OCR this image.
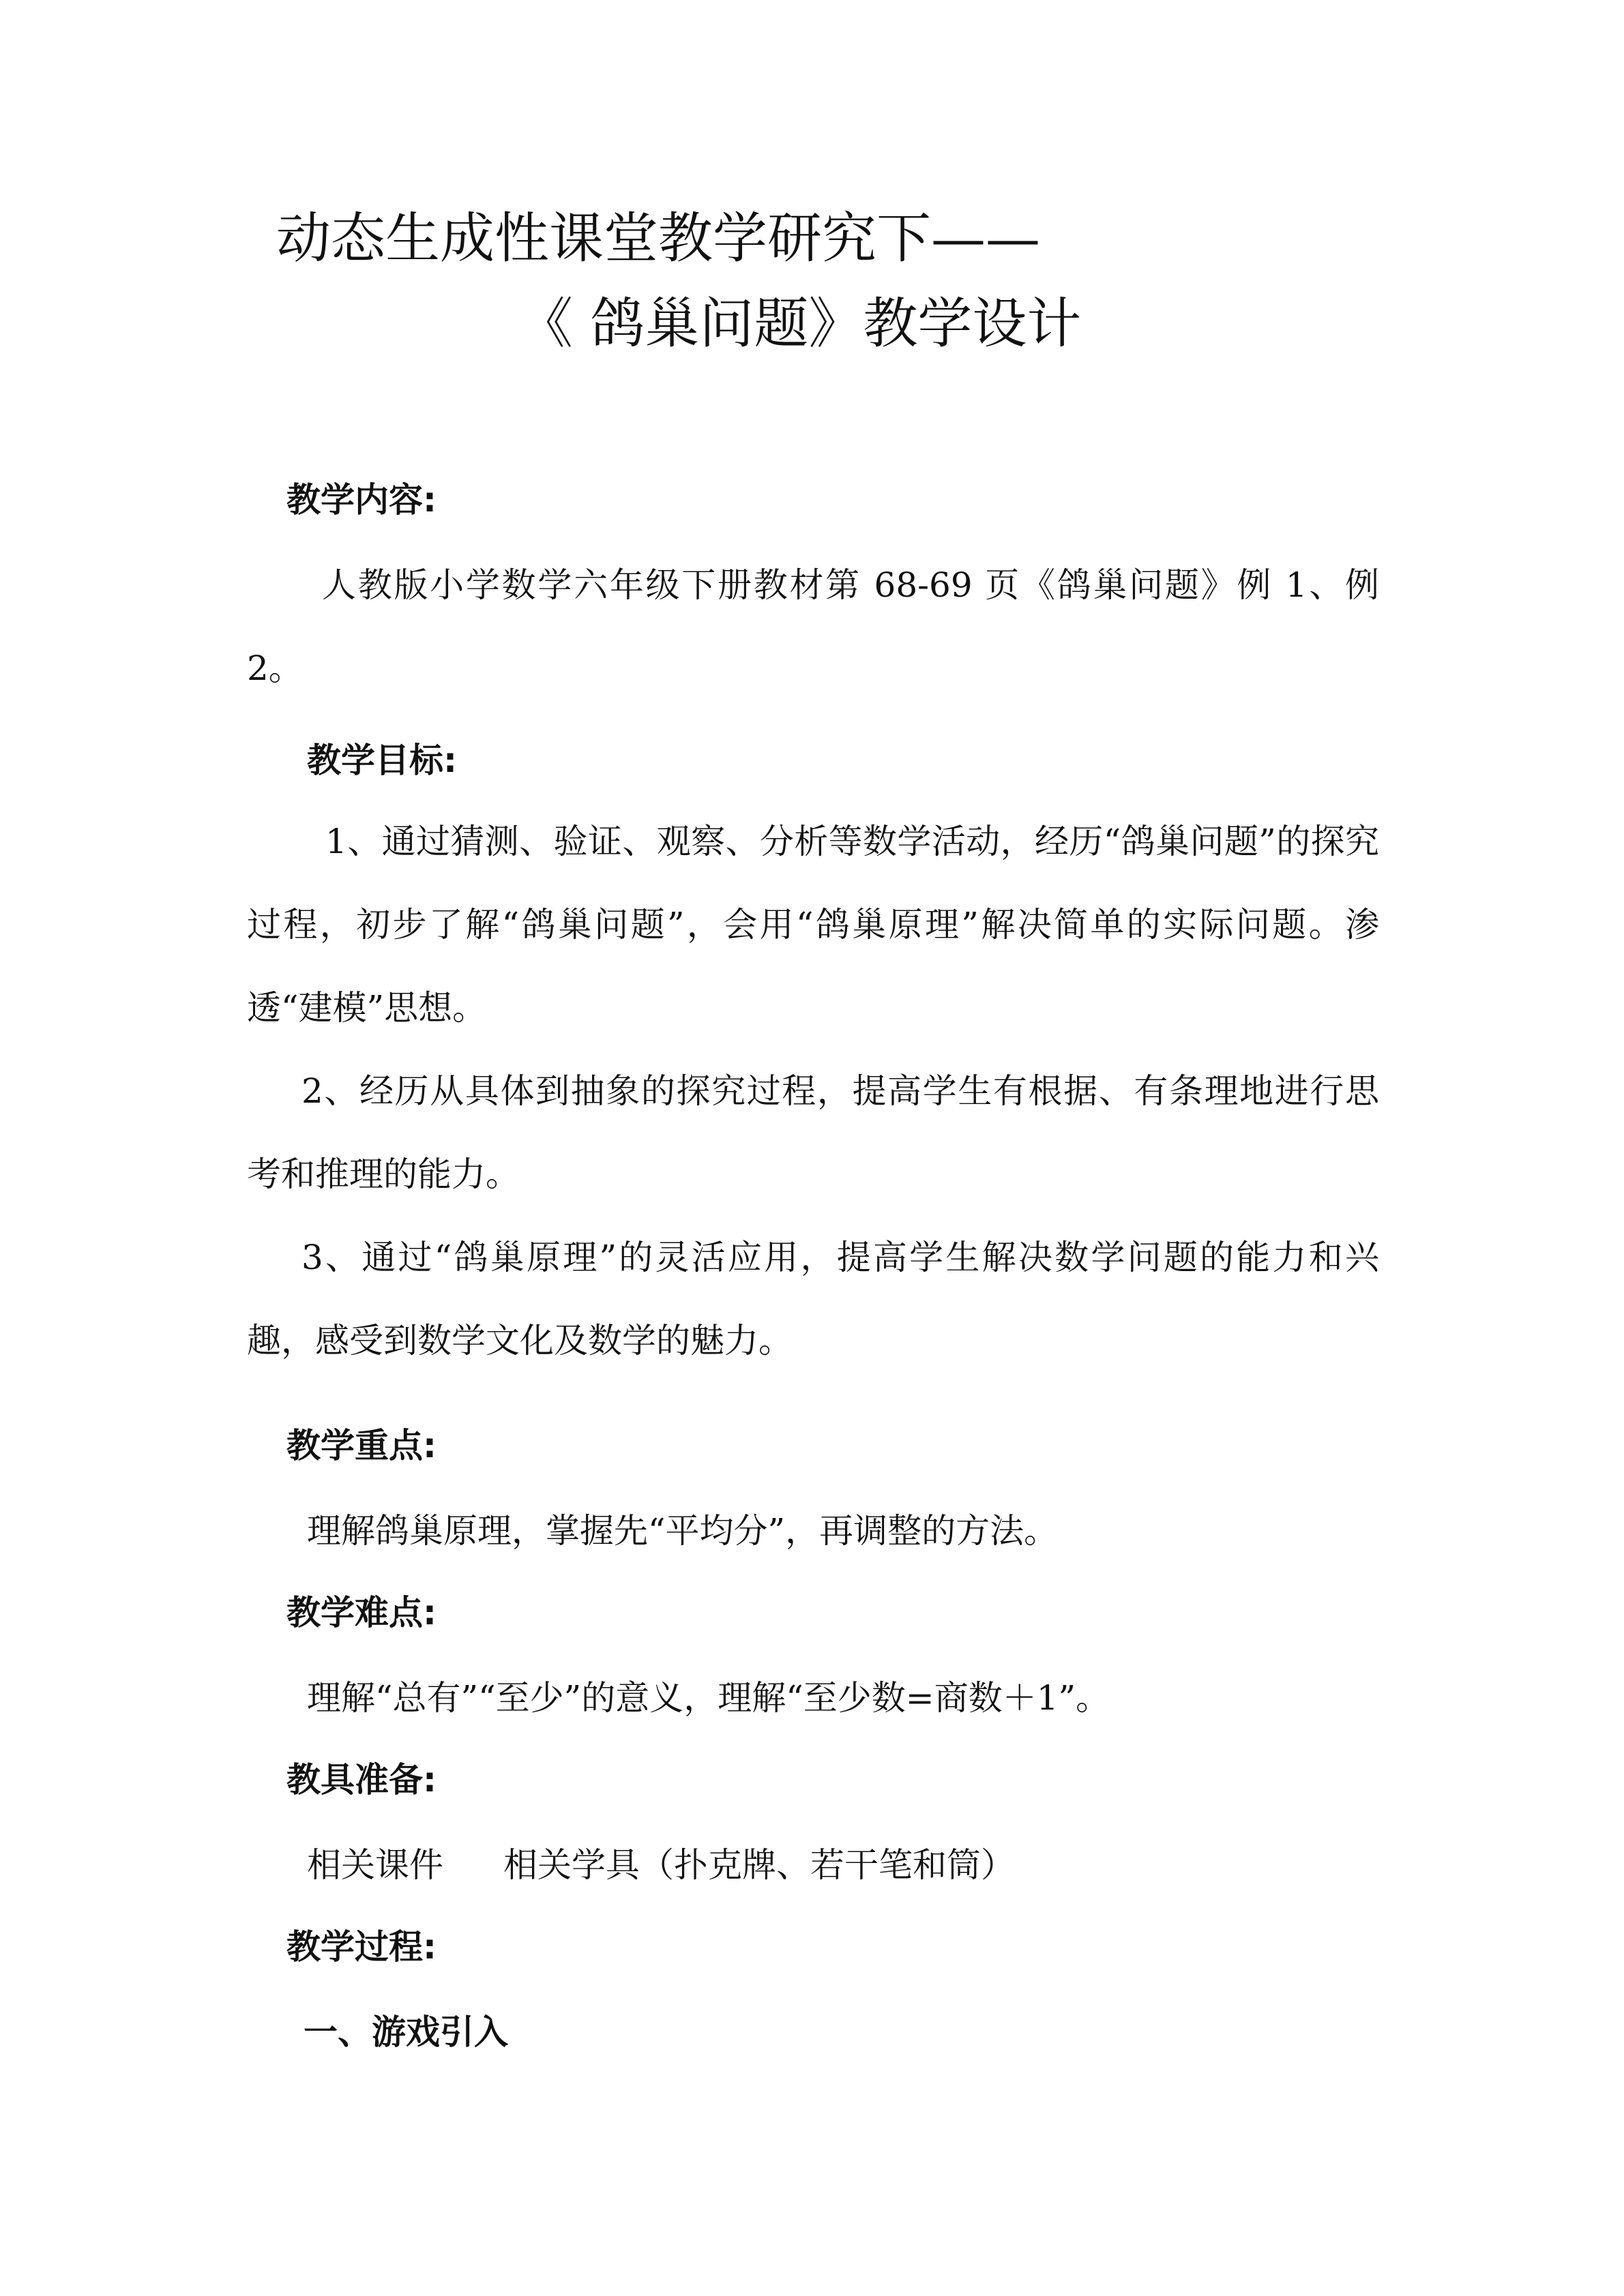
动态生成性课堂教学研究下——
《 鸽巢问题》教学设计
教学内容:
人教版小学数学六年级下册教材第 68-69 页《鸽巢问题》例 1、例 2。
教学目标:
1、通过猜测、验证、观察、分析等数学活动，经历“鸽巢问题”的探究过程，初步了解“鸽巢问题”，会用“鸽巢原理”解决简单的实际问题。渗透“建模”思想。
2、经历从具体到抽象的探究过程，提高学生有根据、有条理地进行思考和推理的能力。
3、通过“鸽巢原理”的灵活应用，提高学生解决数学问题的能力和兴趣，感受到数学文化及数学的魅力。
教学重点:
理解鸽巢原理，掌握先“平均分”，再调整的方法。
教学难点:
理解“总有”“至少”的意义，理解“至少数=商数＋1”。
教具准备:
相关课件 相关学具（扑克牌、若干笔和筒）
教学过程:
一、游戏引入
